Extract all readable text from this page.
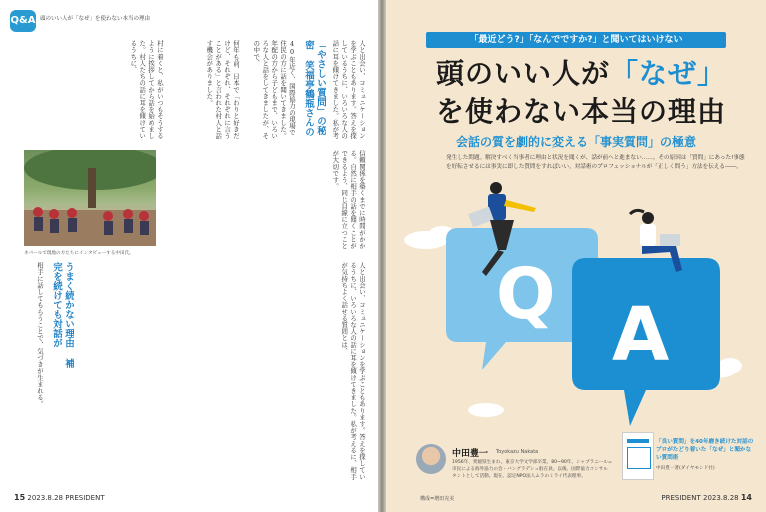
Q&A 頭のいい人が「なぜ」を使わない本当の理由
人と出会い、コミュニケーションを学ぶこともあります。答えを探しているうちに、いろいろな人の話に耳を傾けてきました。私が考
「やさしい質問」の秘密 笑福亭鶴瓶さんの
40年近く、国際協力の現場で住民の方に話を聞いてきました。年配の方から子どもまで、いろいろな人と話をしてきましたが、その中で、
何年も前、日本で「わりと好きだけど、それぞれ、それぞれに言うことがある」と言われた村人と話す機会がありました。
村に着くと、私がいつもそうするように挨拶してから話を始めました。村人たちの話に耳を傾けているうちに、
信頼関係を築くまでに時間がかかる。自然に相手の話を聞くことができるよう、同じ目線に立つことが大切です。
ネパールで現地の方たちにインタビューする中田氏。
うまく続かない理由 補完を続けても対話が
相手に話してもらうことで、気づきが生まれる。	人と出会い、コミュニケーションを学ぶこともあります。答えを探しているうちに、いろいろな人の話に耳を傾けてきました。私が考えるに、相手が気持ちよく話せる質問とは、
15 2023.8.28 PRESIDENT
「最近どう?」「なんでですか?」と聞いてはいけない
頭のいい人が「なぜ」
を使わない本当の理由
会話の質を劇的に変える「事実質問」の極意
発生した問題。解決すべく当事者に理由と状況を聞くが、話が前へと進まない……。その原因は「質問」にあった!事態を好転させるには事実に即した質問をすればいい。対話術のプロフェッショナルが「正しく問う」方法を伝える――。
Q A
中田豊一 Toyokazu Nakata
1956年、愛媛県生まれ。東京大学文学部卒業。80~90年、シャプラニール=市民による海外協力の会・バングラデシュ駐在員。以後、国際協力コンサルタントとして活動。現在、認定NPO法人ムラのミライ代表理事。
「良い質問」を40年磨き続けた対話のプロがたどり着いた「なぜ」と聞かない質問術
中田豊一著(ダイヤモンド社)
構成=増田克美	PRESIDENT 2023.8.28 14
